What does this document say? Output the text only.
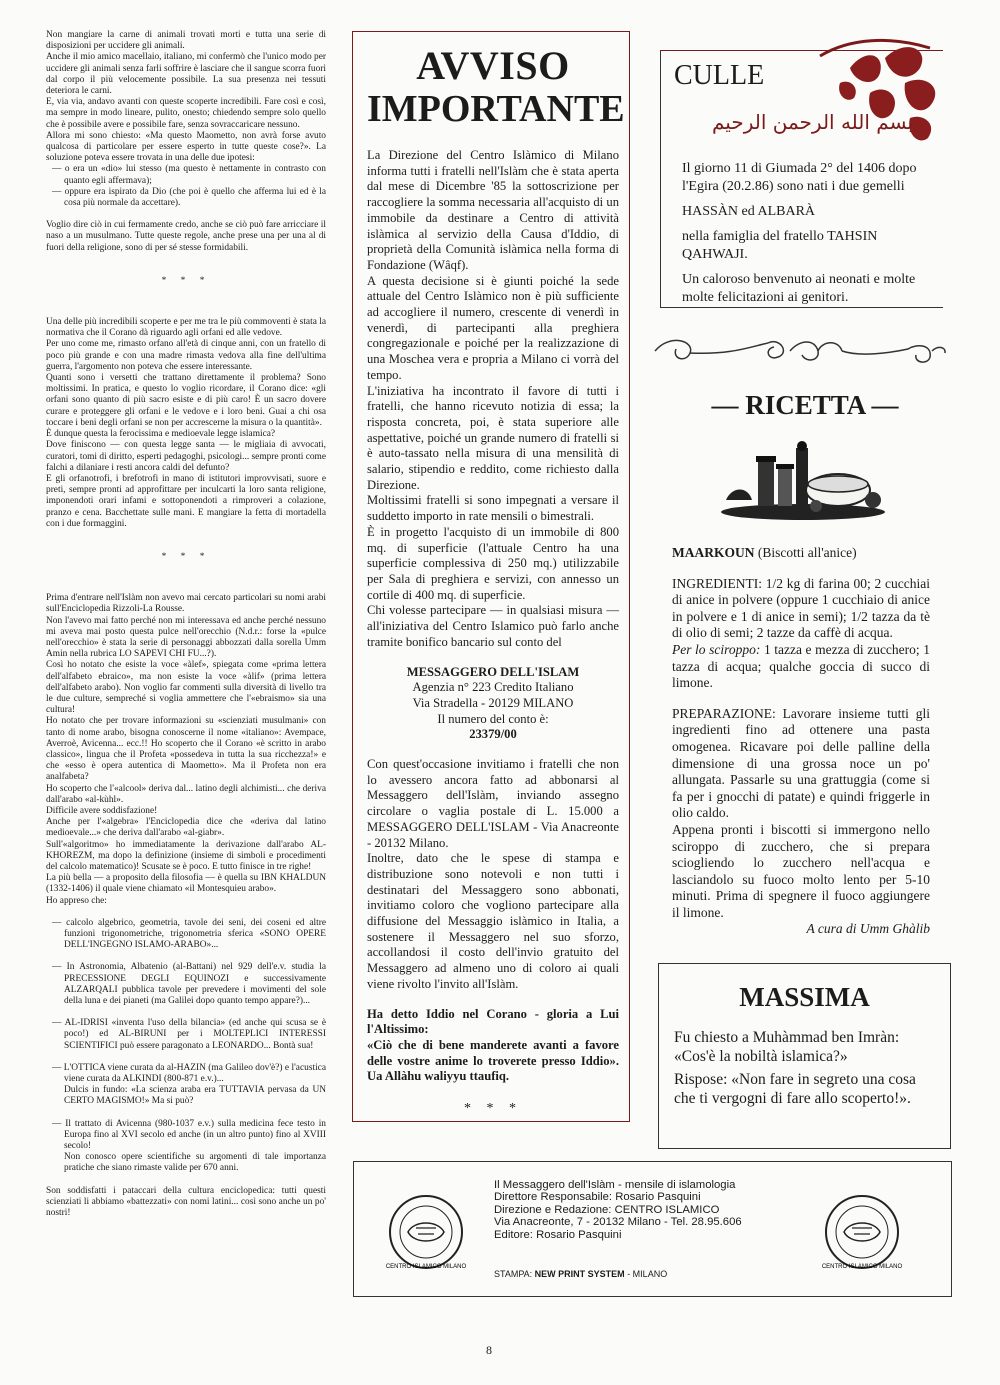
Non mangiare la carne di animali trovati morti e tutta una serie di disposizioni per uccidere gli animali.

Anche il mio amico macellaio, italiano, mi confermò che l'unico modo per uccidere gli animali senza farli soffrire è lasciare che il sangue scorra fuori dal corpo il più velocemente possibile. La sua presenza nei tessuti deteriora le carni.

E, via via, andavo avanti con queste scoperte incredibili. Fare così e così, ma sempre in modo lineare, pulito, onesto; chiedendo sempre solo quello che è possibile avere e possibile fare, senza sovraccaricare nessuno.

Allora mi sono chiesto: «Ma questo Maometto, non avrà forse avuto qualcosa di particolare per essere esperto in tutte queste cose?». La soluzione poteva essere trovata in una delle due ipotesi:

— o era un «dio» lui stesso (ma questo è nettamente in contrasto con quanto egli affermava);

— oppure era ispirato da Dio (che poi è quello che afferma lui ed è la cosa più normale da accettare).

Voglio dire ciò in cui fermamente credo, anche se ciò può fare arricciare il naso a un musulmano. Tutte queste regole, anche prese una per una al di fuori della religione, sono di per sé stesse formidabili.

* * *

Una delle più incredibili scoperte e per me tra le più commoventi è stata la normativa che il Corano dà riguardo agli orfani ed alle vedove.

Per uno come me, rimasto orfano all'età di cinque anni, con un fratello di poco più grande e con una madre rimasta vedova alla fine dell'ultima guerra, l'argomento non poteva che essere interessante.

Quanti sono i versetti che trattano direttamente il problema? Sono moltissimi. In pratica, e questo lo voglio ricordare, il Corano dice: «gli orfani sono quanto di più sacro esiste e di più caro! È un sacro dovere curare e proteggere gli orfani e le vedove e i loro beni. Guai a chi osa toccare i beni degli orfani se non per accrescerne la misura o la quantità».

È dunque questa la ferocissima e medioevale legge islamica?

Dove finiscono — con questa legge santa — le migliaia di avvocati, curatori, tomi di diritto, esperti pedagoghi, psicologi... sempre pronti come falchi a dilaniare i resti ancora caldi del defunto?

E gli orfanotrofi, i brefotrofi in mano di istitutori improvvisati, suore e preti, sempre pronti ad approfittare per inculcarti la loro santa religione, imponendoti orari infami e sottoponendoti a rimproveri a colazione, pranzo e cena. Bacchettate sulle mani. E mangiare la fetta di mortadella con i due formaggini.

* * *

Prima d'entrare nell'Islàm non avevo mai cercato particolari su nomi arabi sull'Enciclopedia Rizzoli-La Rousse.

Non l'avevo mai fatto perché non mi interessava ed anche perché nessuno mi aveva mai posto questa pulce nell'orecchio (N.d.r.: forse la «pulce nell'orecchio» è stata la serie di personaggi abbozzati dalla sorella Umm Amin nella rubrica LO SAPEVI CHI FU...?).

Così ho notato che esiste la voce «àlef», spiegata come «prima lettera dell'alfabeto ebraico», ma non esiste la voce «àlif» (prima lettera dell'alfabeto arabo). Non voglio far commenti sulla diversità di livello tra le due culture, sempreché si voglia ammettere che l'«ebraismo» sia una cultura!

Ho notato che per trovare informazioni su «scienziati musulmani» con tanto di nome arabo, bisogna conoscerne il nome «italiano»: Avempace, Averroè, Avicenna... ecc.!! Ho scoperto che il Corano «è scritto in arabo classico», lingua che il Profeta «possedeva in tutta la sua ricchezza!» e che «esso è opera autentica di Maometto». Ma il Profeta non era analfabeta?

Ho scoperto che l'«alcool» deriva dal... latino degli alchimisti... che deriva dall'arabo «al-kùhl».

Difficile avere soddisfazione!

Anche per l'«algebra» l'Enciclopedia dice che «deriva dal latino medioevale...» che deriva dall'arabo «al-giabr».

Sull'«algoritmo» ho immediatamente la derivazione dall'arabo AL-KHOREZM, ma dopo la definizione (insieme di simboli e procedimenti del calcolo matematico)! Scusate se è poco. E tutto finisce in tre righe!

La più bella — a proposito della filosofia — è quella su IBN KHALDUN (1332-1406) il quale viene chiamato «il Montesquieu arabo».

Ho appreso che:

— calcolo algebrico, geometria, tavole dei seni, dei coseni ed altre funzioni trigonometriche, trigonometria sferica «SONO OPERE DELL'INGEGNO ISLAMO-ARABO»...

— In Astronomia, Albatenio (al-Battani) nel 929 dell'e.v. studia la PRECESSIONE DEGLI EQUINOZI e successivamente ALZARQALI pubblica tavole per prevedere i movimenti del sole della luna e dei pianeti (ma Galilei dopo quanto tempo appare?)...

— AL-IDRISI «inventa l'uso della bilancia» (ed anche qui scusa se è poco!) ed AL-BIRUNI per i MOLTEPLICI INTERESSI SCIENTIFICI può essere paragonato a LEONARDO... Bontà sua!

— L'OTTICA viene curata da al-HAZIN (ma Galileo dov'è?) e l'acustica viene curata da ALKINDI (800-871 e.v.)...

Dulcis in fundo: «La scienza araba era TUTTAVIA pervasa da UN CERTO MAGISMO!» Ma si può?

— Il trattato di Avicenna (980-1037 e.v.) sulla medicina fece testo in Europa fino al XVI secolo ed anche (in un altro punto) fino al XVIII secolo!

Non conosco opere scientifiche su argomenti di tale importanza pratiche che siano rimaste valide per 670 anni.

Son soddisfatti i pataccari della cultura enciclopedica: tutti questi scienziati li abbiamo «battezzati» con nomi latini... così sono anche un po' nostri!

AVVISO
IMPORTANTE

La Direzione del Centro Islàmico di Milano informa tutti i fratelli nell'Islàm che è stata aperta dal mese di Dicembre '85 la sottoscrizione per raccogliere la somma necessaria all'acquisto di un immobile da destinare a Centro di attività islàmica al servizio della Causa d'Iddio, di proprietà della Comunità islàmica nella forma di Fondazione (Wâqf).

A questa decisione si è giunti poiché la sede attuale del Centro Islàmico non è più sufficiente ad accogliere il numero, crescente di venerdì in venerdì, di partecipanti alla preghiera congregazionale e poiché per la realizzazione di una Moschea vera e propria a Milano ci vorrà del tempo.

L'iniziativa ha incontrato il favore di tutti i fratelli, che hanno ricevuto notizia di essa; la risposta concreta, poi, è stata superiore alle aspettative, poiché un grande numero di fratelli si è auto-tassato nella misura di una mensilità di salario, stipendio e reddito, come richiesto dalla Direzione.

Moltissimi fratelli si sono impegnati a versare il suddetto importo in rate mensili o bimestrali.

È in progetto l'acquisto di un immobile di 800 mq. di superficie (l'attuale Centro ha una superficie complessiva di 250 mq.) utilizzabile per Sala di preghiera e servizi, con annesso un cortile di 400 mq. di superficie.

Chi volesse partecipare — in qualsiasi misura — all'iniziativa del Centro Islamico può farlo anche tramite bonifico bancario sul conto del

MESSAGGERO DELL'ISLAM

Agenzia n° 223 Credito Italiano

Via Stradella - 20129 MILANO

Il numero del conto è:

23379/00

Con quest'occasione invitiamo i fratelli che non lo avessero ancora fatto ad abbonarsi al Messaggero dell'Islàm, inviando assegno circolare o vaglia postale di L. 15.000 a MESSAGGERO DELL'ISLAM - Via Anacreonte - 20132 Milano.

Inoltre, dato che le spese di stampa e distribuzione sono notevoli e non tutti i destinatari del Messaggero sono abbonati, invitiamo coloro che vogliono partecipare alla diffusione del Messaggio islàmico in Italia, a sostenere il Messaggero nel suo sforzo, accollandosi il costo dell'invio gratuito del Messaggero ad almeno uno di coloro ai quali viene rivolto l'invito all'Islàm.

Ha detto Iddio nel Corano - gloria a Lui l'Altissimo:

«Ciò che di bene manderete avanti a favore delle vostre anime lo troverete presso Iddio». Ua Allàhu waliyyu ttaufiq.

* * *
CULLE
بسم الله الرحمن الرحيم

Il giorno 11 di Giumada 2° del 1406 dopo l'Egira (20.2.86) sono nati i due gemelli

HASSÀN ed ALBARÀ

nella famiglia del fratello TAHSIN QAHWAJI.

Un caloroso benvenuto ai neonati e molte molte felicitazioni ai genitori.

— RICETTA —

MAARKOUN (Biscotti all'anice)

INGREDIENTI: 1/2 kg di farina 00; 2 cucchiai di anice in polvere (oppure 1 cucchiaio di anice in polvere e 1 di anice in semi); 1/2 tazza da tè di olio di semi; 2 tazze da caffè di acqua.

Per lo sciroppo: 1 tazza e mezza di zucchero; 1 tazza di acqua; qualche goccia di succo di limone.

PREPARAZIONE: Lavorare insieme tutti gli ingredienti fino ad ottenere una pasta omogenea. Ricavare poi delle palline della dimensione di una grossa noce un po' allungata. Passarle su una grattuggia (come si fa per i gnocchi di patate) e quindi friggerle in olio caldo.

Appena pronti i biscotti si immergono nello sciroppo di zucchero, che si prepara sciogliendo lo zucchero nell'acqua e lasciandolo su fuoco molto lento per 5-10 minuti. Prima di spegnere il fuoco aggiungere il limone.

A cura di Umm Ghàlib

MASSIMA

Fu chiesto a Muhàmmad ben Imràn: «Cos'è la nobiltà islamica?»

Rispose: «Non fare in segreto una cosa che ti vergogni di fare allo scoperto!».

CENTRO ISLAMICO MILANO
Il Messaggero dell'Islàm - mensile di islamologia
Direttore Responsabile: Rosario Pasquini
Direzione e Redazione: CENTRO ISLAMICO
Via Anacreonte, 7 - 20132 Milano - Tel. 28.95.606
Editore: Rosario Pasquini
STAMPA: NEW PRINT SYSTEM - MILANO
CENTRO ISLAMICO MILANO
8
